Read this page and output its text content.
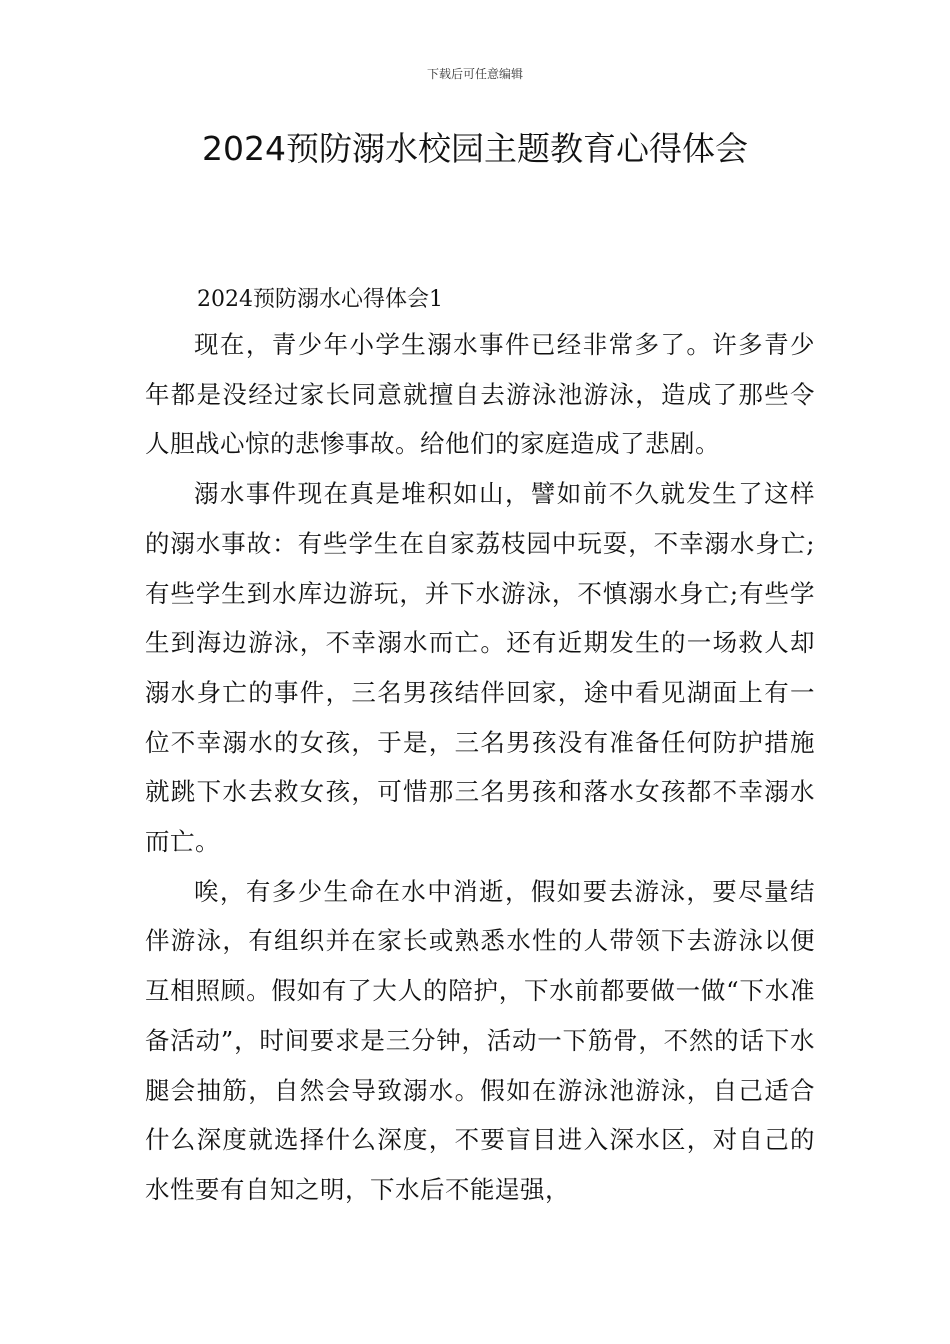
下载后可任意编辑
2024预防溺水校园主题教育心得体会
2024预防溺水心得体会1

现在，青少年小学生溺水事件已经非常多了。许多青少年都是没经过家长同意就擅自去游泳池游泳，造成了那些令人胆战心惊的悲惨事故。给他们的家庭造成了悲剧。

溺水事件现在真是堆积如山，譬如前不久就发生了这样的溺水事故：有些学生在自家荔枝园中玩耍，不幸溺水身亡;有些学生到水库边游玩，并下水游泳，不慎溺水身亡;有些学生到海边游泳，不幸溺水而亡。还有近期发生的一场救人却溺水身亡的事件，三名男孩结伴回家，途中看见湖面上有一位不幸溺水的女孩，于是，三名男孩没有准备任何防护措施就跳下水去救女孩，可惜那三名男孩和落水女孩都不幸溺水而亡。

唉，有多少生命在水中消逝，假如要去游泳，要尽量结伴游泳，有组织并在家长或熟悉水性的人带领下去游泳以便互相照顾。假如有了大人的陪护，下水前都要做一做“下水准备活动”，时间要求是三分钟，活动一下筋骨，不然的话下水腿会抽筋，自然会导致溺水。假如在游泳池游泳，自己适合什么深度就选择什么深度，不要盲目进入深水区，对自己的水性要有自知之明，下水后不能逞强，
